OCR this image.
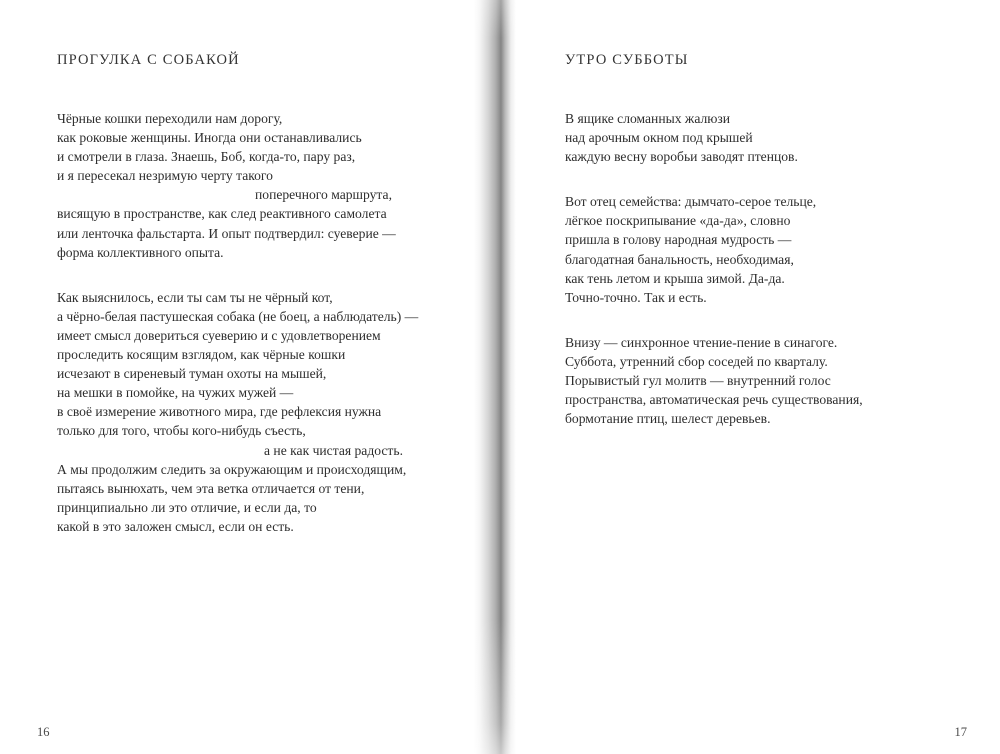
ПРОГУЛКА С СОБАКОЙ
Чёрные кошки переходили нам дорогу,
как роковые женщины. Иногда они останавливались
и смотрели в глаза. Знаешь, Боб, когда-то, пару раз,
и я пересекал незримую черту такого
поперечного маршрута,
висящую в пространстве, как след реактивного самолета
или ленточка фальстарта. И опыт подтвердил: суеверие —
форма коллективного опыта.
Как выяснилось, если ты сам ты не чёрный кот,
а чёрно-белая пастушеская собака (не боец, а наблюдатель) —
имеет смысл довериться суеверию и с удовлетворением
проследить косящим взглядом, как чёрные кошки
исчезают в сиреневый туман охоты на мышей,
на мешки в помойке, на чужих мужей —
в своё измерение животного мира, где рефлексия нужна
только для того, чтобы кого-нибудь съесть,
а не как чистая радость.
А мы продолжим следить за окружающим и происходящим,
пытаясь вынюхать, чем эта ветка отличается от тени,
принципиально ли это отличие, и если да, то
какой в это заложен смысл, если он есть.
16
УТРО СУББОТЫ
В ящике сломанных жалюзи
над арочным окном под крышей
каждую весну воробьи заводят птенцов.
Вот отец семейства: дымчато-серое тельце,
лёгкое поскрипывание «да-да», словно
пришла в голову народная мудрость —
благодатная банальность, необходимая,
как тень летом и крыша зимой. Да-да.
Точно-точно. Так и есть.
Внизу — синхронное чтение-пение в синагоге.
Суббота, утренний сбор соседей по кварталу.
Порывистый гул молитв — внутренний голос
пространства, автоматическая речь существования,
бормотание птиц, шелест деревьев.
17
